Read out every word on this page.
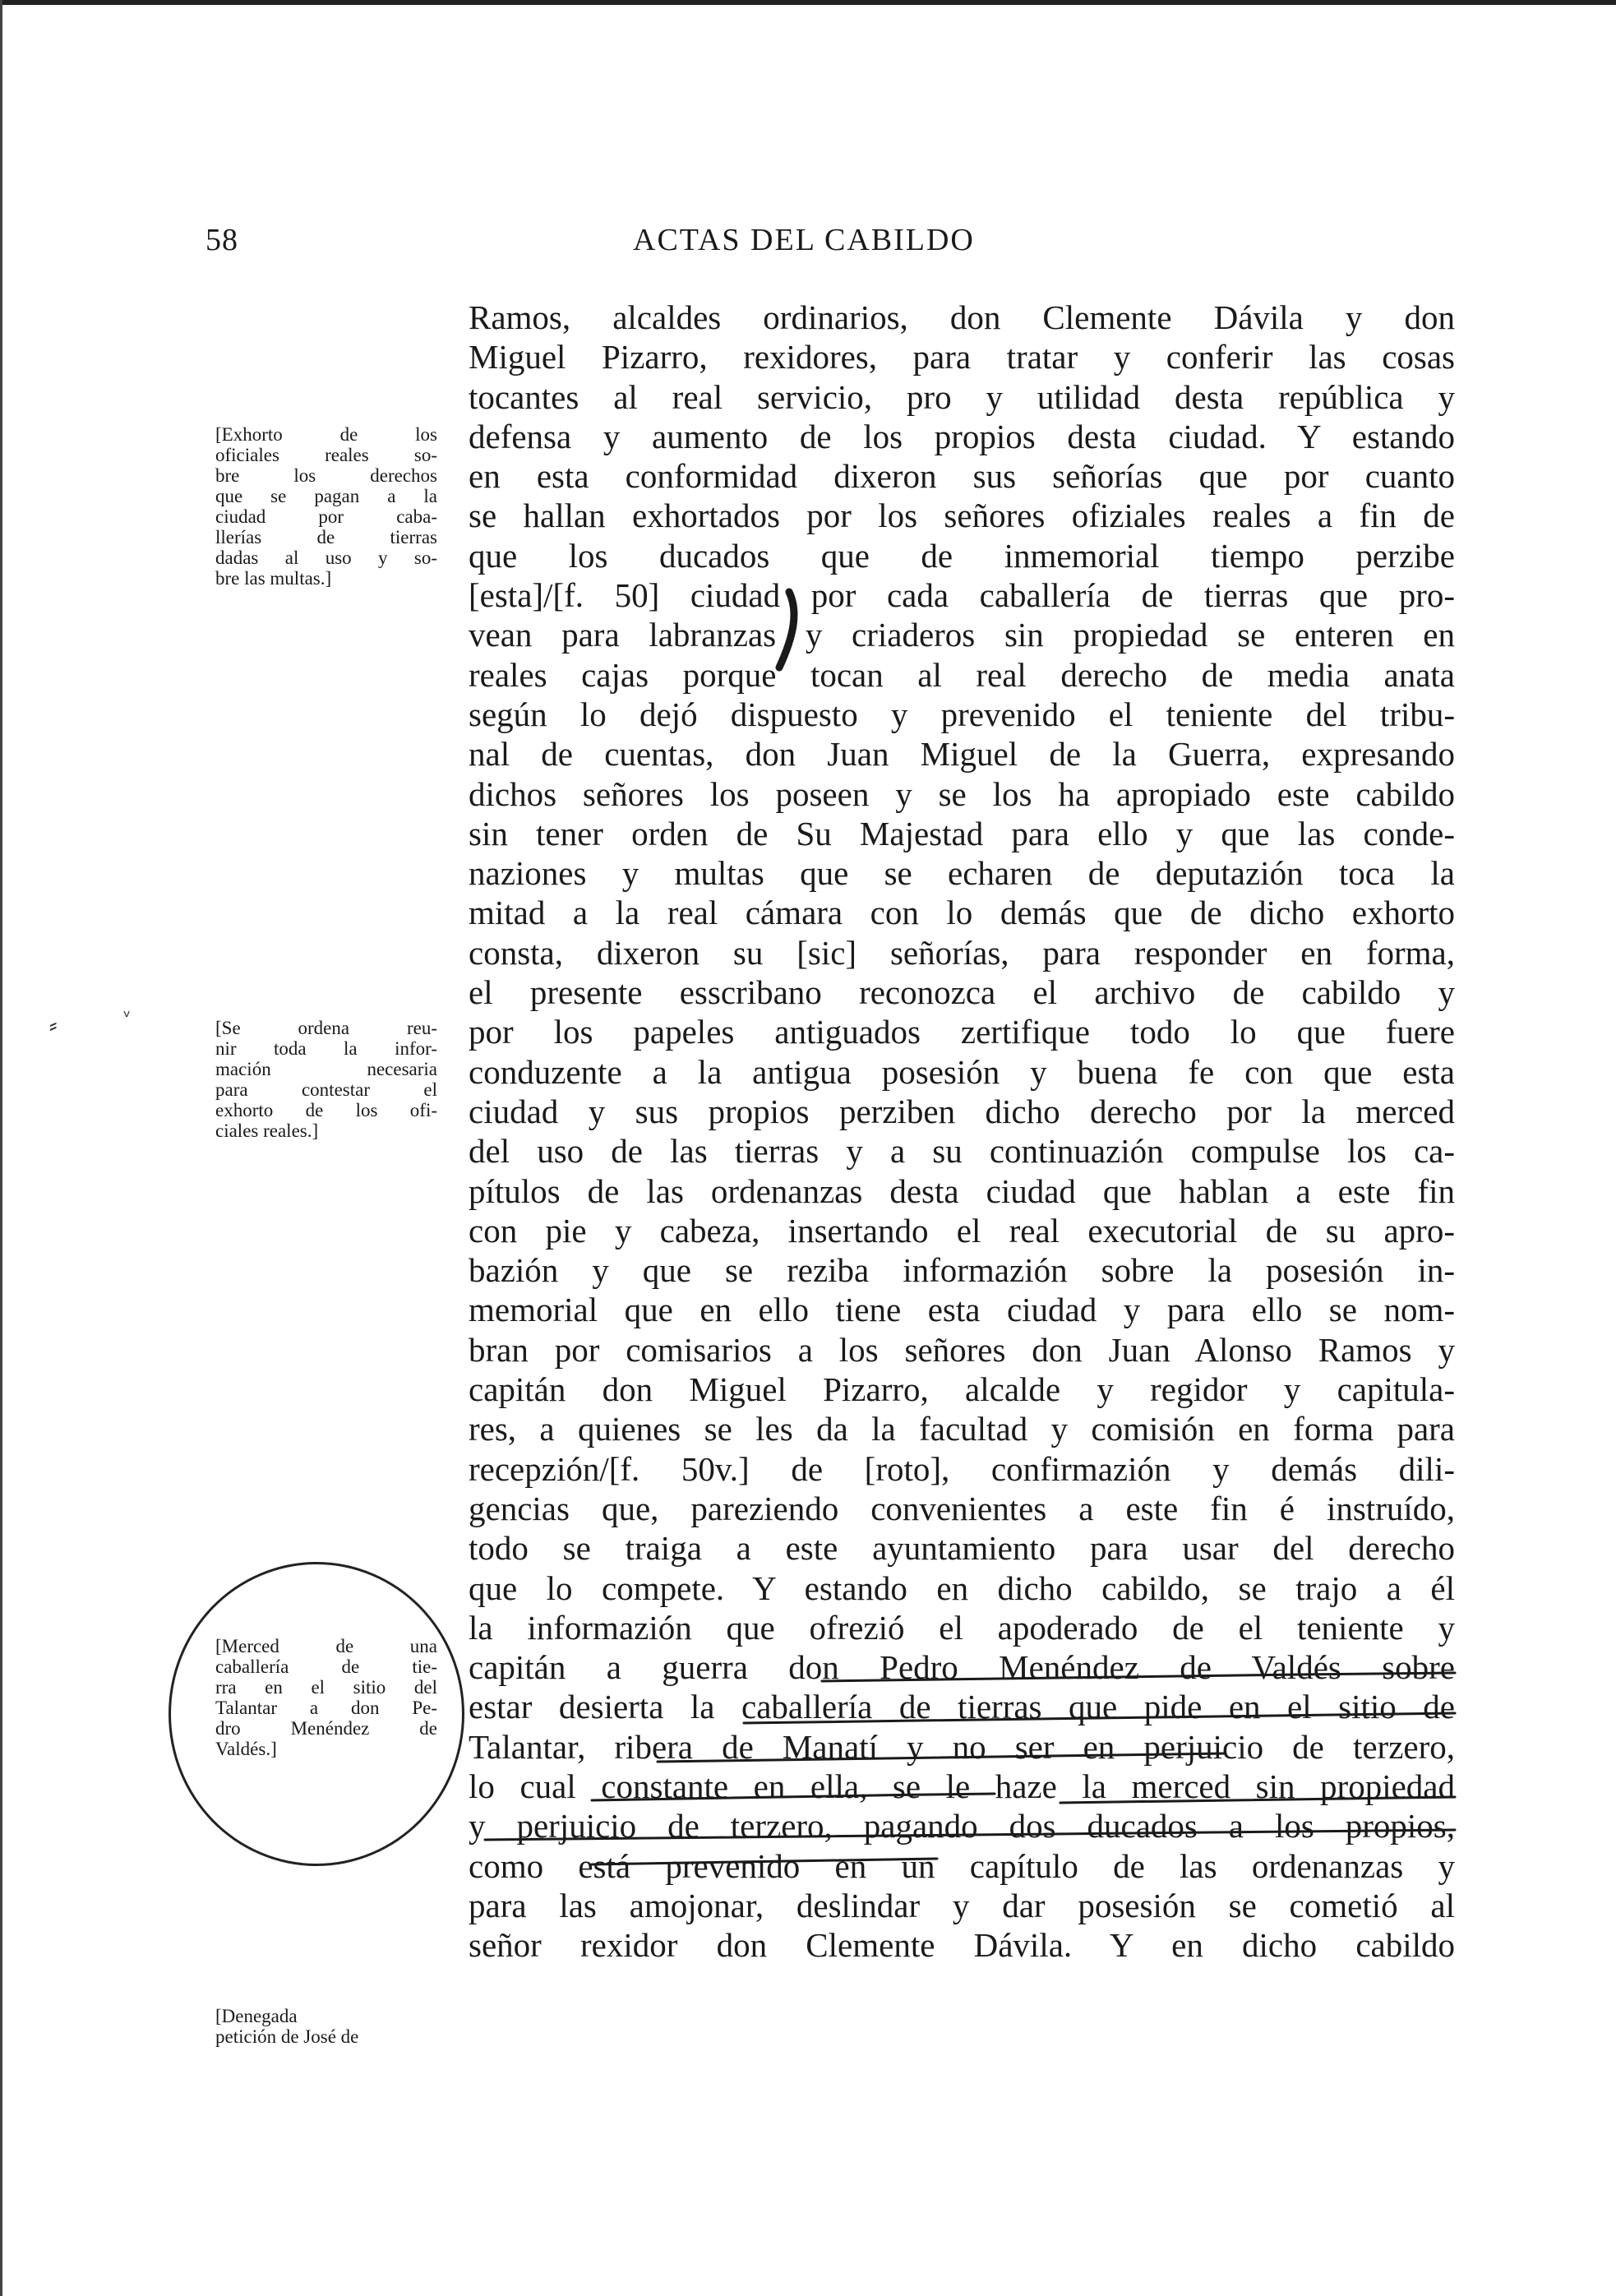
58	ACTAS DEL CABILDO
[Exhorto de los
oficiales reales so-
bre los derechos
que se pagan a la
ciudad por caba-
llerías de tierras
dadas al uso y so-
bre las multas.]
[Se ordena reu-
nir toda la infor-
mación necesaria
para contestar el
exhorto de los ofi-
ciales reales.]
[Merced de una
caballería de tie-
rra en el sitio del
Talantar a don Pe-
dro Menéndez de
Valdés.]
[Denegada
petición de José de
Ramos, alcaldes ordinarios, don Clemente Dávila y don
Miguel Pizarro, rexidores, para tratar y conferir las cosas
tocantes al real servicio, pro y utilidad desta república y
defensa y aumento de los propios desta ciudad. Y estando
en esta conformidad dixeron sus señorías que por cuanto
se hallan exhortados por los señores ofiziales reales a fin de
que los ducados que de inmemorial tiempo perzibe
[esta]/[f. 50] ciudad por cada caballería de tierras que pro-
vean para labranzas y criaderos sin propiedad se enteren en
reales cajas porque tocan al real derecho de media anata
según lo dejó dispuesto y prevenido el teniente del tribu-
nal de cuentas, don Juan Miguel de la Guerra, expresando
dichos señores los poseen y se los ha apropiado este cabildo
sin tener orden de Su Majestad para ello y que las conde-
naziones y multas que se echaren de deputazión toca la
mitad a la real cámara con lo demás que de dicho exhorto
consta, dixeron su [sic] señorías, para responder en forma,
el presente esscribano reconozca el archivo de cabildo y
por los papeles antiguados zertifique todo lo que fuere
conduzente a la antigua posesión y buena fe con que esta
ciudad y sus propios perziben dicho derecho por la merced
del uso de las tierras y a su continuazión compulse los ca-
pítulos de las ordenanzas desta ciudad que hablan a este fin
con pie y cabeza, insertando el real executorial de su apro-
bazión y que se reziba informazión sobre la posesión in-
memorial que en ello tiene esta ciudad y para ello se nom-
bran por comisarios a los señores don Juan Alonso Ramos y
capitán don Miguel Pizarro, alcalde y regidor y capitula-
res, a quienes se les da la facultad y comisión en forma para
recepzión/[f. 50v.] de [roto], confirmazión y demás dili-
gencias que, pareziendo convenientes a este fin é instruído,
todo se traiga a este ayuntamiento para usar del derecho
que lo compete. Y estando en dicho cabildo, se trajo a él
la informazión que ofrezió el apoderado de el teniente y
capitán a guerra don Pedro Menéndez de Valdés sobre
estar desierta la caballería de tierras que pide en el sitio de
Talantar, ribera de Manatí y no ser en perjuicio de terzero,
lo cual constante en ella, se le haze la merced sin propiedad
y perjuicio de terzero, pagando dos ducados a los propios,
como está prevenido en un capítulo de las ordenanzas y
para las amojonar, deslindar y dar posesión se cometió al
señor rexidor don Clemente Dávila. Y en dicho cabildo
⸗	ᵥ
